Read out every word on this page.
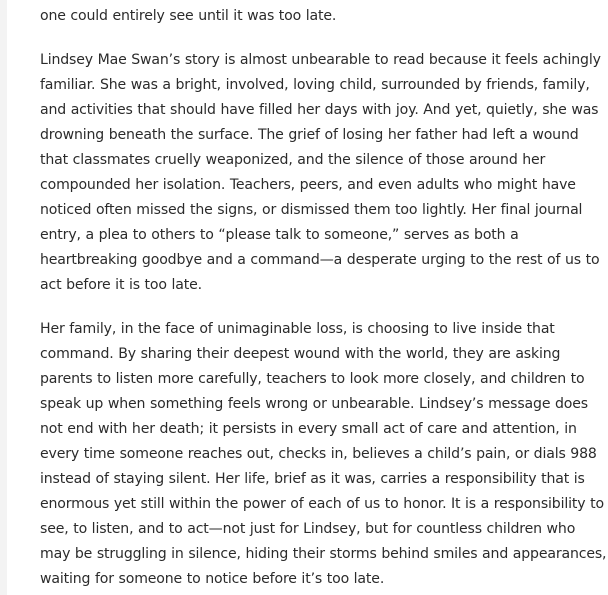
one could entirely see until it was too late.

Lindsey Mae Swan’s story is almost unbearable to read because it feels achingly
familiar. She was a bright, involved, loving child, surrounded by friends, family,
and activities that should have filled her days with joy. And yet, quietly, she was
drowning beneath the surface. The grief of losing her father had left a wound
that classmates cruelly weaponized, and the silence of those around her
compounded her isolation. Teachers, peers, and even adults who might have
noticed often missed the signs, or dismissed them too lightly. Her final journal
entry, a plea to others to “please talk to someone,” serves as both a
heartbreaking goodbye and a command—a desperate urging to the rest of us to
act before it is too late.

Her family, in the face of unimaginable loss, is choosing to live inside that
command. By sharing their deepest wound with the world, they are asking
parents to listen more carefully, teachers to look more closely, and children to
speak up when something feels wrong or unbearable. Lindsey’s message does
not end with her death; it persists in every small act of care and attention, in
every time someone reaches out, checks in, believes a child’s pain, or dials 988
instead of staying silent. Her life, brief as it was, carries a responsibility that is
enormous yet still within the power of each of us to honor. It is a responsibility to
see, to listen, and to act—not just for Lindsey, but for countless children who
may be struggling in silence, hiding their storms behind smiles and appearances,
waiting for someone to notice before it’s too late.
